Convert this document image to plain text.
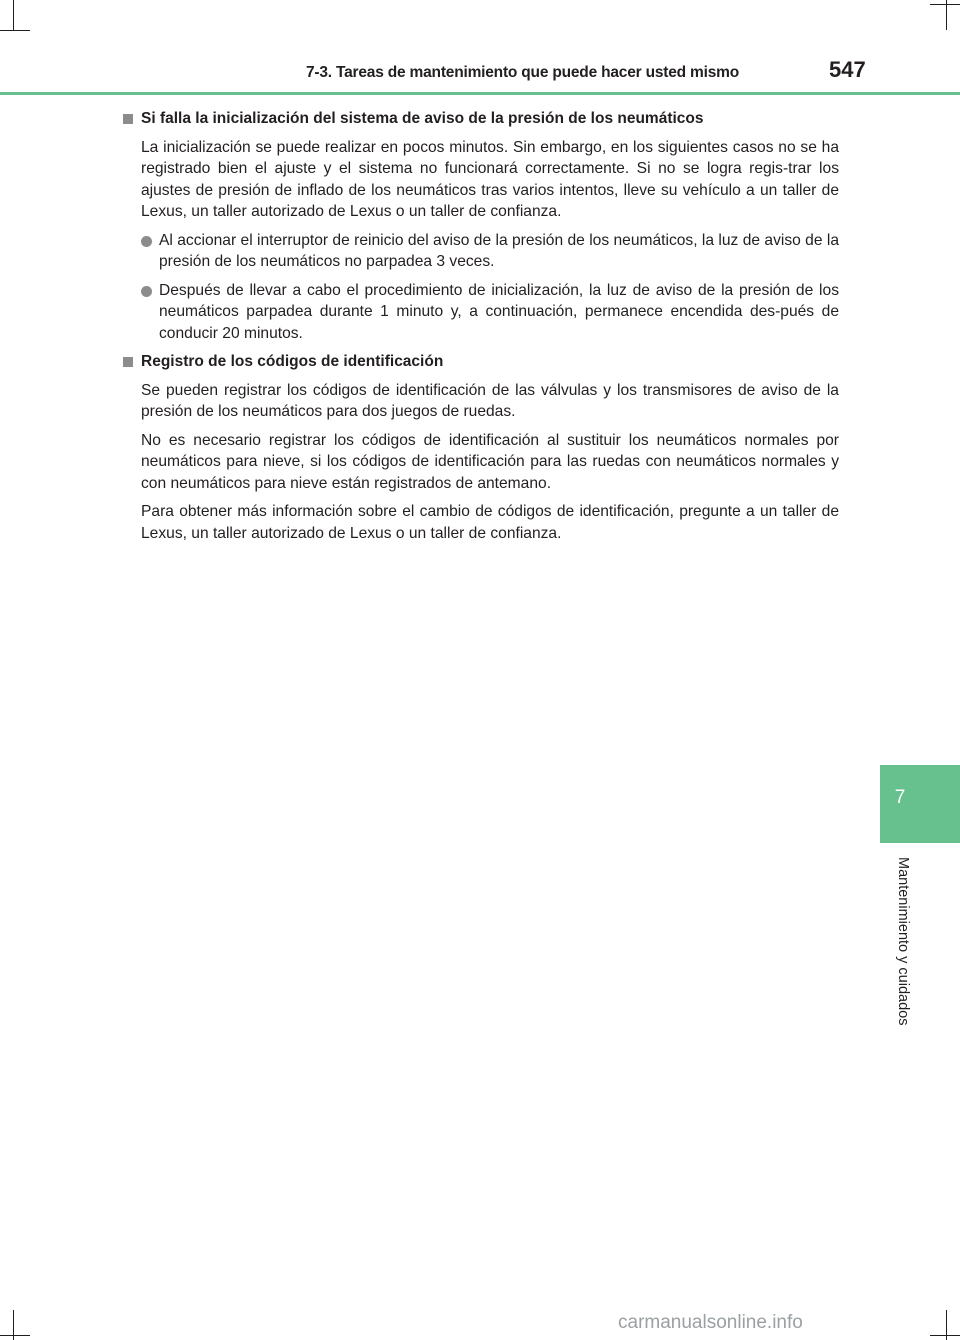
7-3. Tareas de mantenimiento que puede hacer usted mismo	547
Si falla la inicialización del sistema de aviso de la presión de los neumáticos

La inicialización se puede realizar en pocos minutos. Sin embargo, en los siguientes casos no se ha registrado bien el ajuste y el sistema no funcionará correctamente. Si no se logra regis-trar los ajustes de presión de inflado de los neumáticos tras varios intentos, lleve su vehículo a un taller de Lexus, un taller autorizado de Lexus o un taller de confianza.

Al accionar el interruptor de reinicio del aviso de la presión de los neumáticos, la luz de aviso de la presión de los neumáticos no parpadea 3 veces.
Después de llevar a cabo el procedimiento de inicialización, la luz de aviso de la presión de los neumáticos parpadea durante 1 minuto y, a continuación, permanece encendida des-pués de conducir 20 minutos.
Registro de los códigos de identificación

Se pueden registrar los códigos de identificación de las válvulas y los transmisores de aviso de la presión de los neumáticos para dos juegos de ruedas.

No es necesario registrar los códigos de identificación al sustituir los neumáticos normales por neumáticos para nieve, si los códigos de identificación para las ruedas con neumáticos normales y con neumáticos para nieve están registrados de antemano.

Para obtener más información sobre el cambio de códigos de identificación, pregunte a un taller de Lexus, un taller autorizado de Lexus o un taller de confianza.

7
Mantenimiento y cuidados
carmanualsonline.info
